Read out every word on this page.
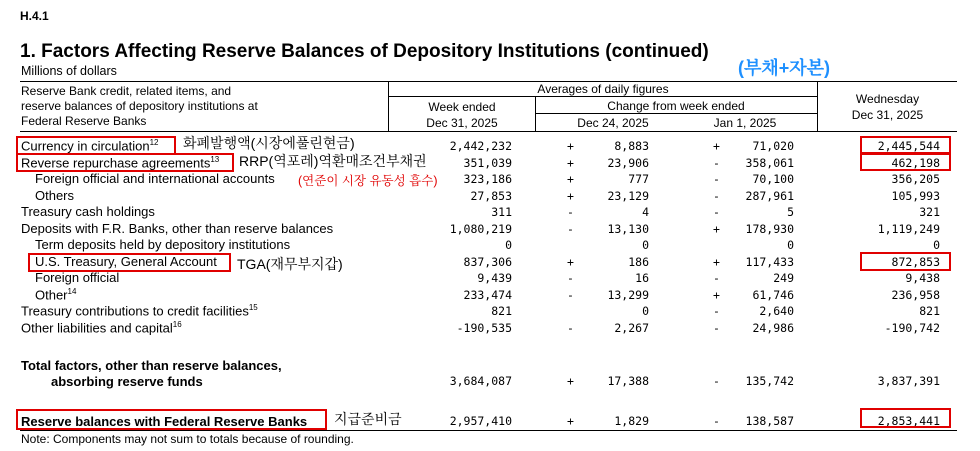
H.4.1
1. Factors Affecting Reserve Balances of Depository Institutions (continued)
Millions of dollars	(부채+자본)
Reserve Bank credit, related items, and
reserve balances of depository institutions at
Federal Reserve Banks
Averages of daily figures
Week ended
Dec 31, 2025
Change from week ended
Dec 24, 2025	Jan 1, 2025
Wednesday
Dec 31, 2025
Currency in circulation$^{12}$	2,442,232	+	8,883	+	71,020	2,445,544
Reverse repurchase agreements$^{13}$	351,039	+	23,906	-	358,061	462,198
Foreign official and international accounts	323,186	+	777	-	70,100	356,205
Others	27,853	+	23,129	-	287,961	105,993
Treasury cash holdings	311	-	4	-	5	321
Deposits with F.R. Banks, other than reserve balances	1,080,219	-	13,130	+	178,930	1,119,249
Term deposits held by depository institutions	0	0	0	0
U.S. Treasury, General Account	837,306	+	186	+	117,433	872,853
Foreign official	9,439	-	16	-	249	9,438
Other$^{14}$	233,474	-	13,299	+	61,746	236,958
Treasury contributions to credit facilities$^{15}$	821	0	-	2,640	821
Other liabilities and capital$^{16}$	-190,535	-	2,267	-	24,986	-190,742
Total factors, other than reserve balances,
absorbing reserve funds	3,684,087	+	17,388	-	135,742	3,837,391
Reserve balances with Federal Reserve Banks	2,957,410	+	1,829	-	138,587	2,853,441
Note: Components may not sum to totals because of rounding.
화폐발행액(시장에풀린현금)
RRP(역포레)역환매조건부채권
(연준이 시장 유동성 흡수)
TGA(재무부지갑)
지급준비금
